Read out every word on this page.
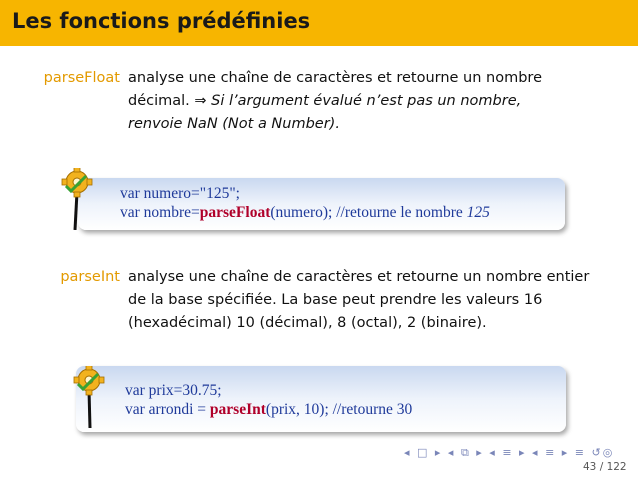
Les fonctions prédéfinies
parseFloat analyse une chaîne de caractères et retourne un nombre
décimal. ⇒ Si l’argument évalué n’est pas un nombre,
renvoie NaN (Not a Number).
var numero="125";
var nombre=parseFloat(numero); //retourne le nombre 125
parseInt analyse une chaîne de caractères et retourne un nombre entier
de la base spécifiée. La base peut prendre les valeurs 16
(hexadécimal) 10 (décimal), 8 (octal), 2 (binaire).
var prix=30.75;
var arrondi = parseInt(prix, 10); //retourne 30
◂ □ ▸ ◂ ⧉ ▸ ◂ ≡ ▸ ◂ ≡ ▸ ≡ ↺◎
43 / 122
